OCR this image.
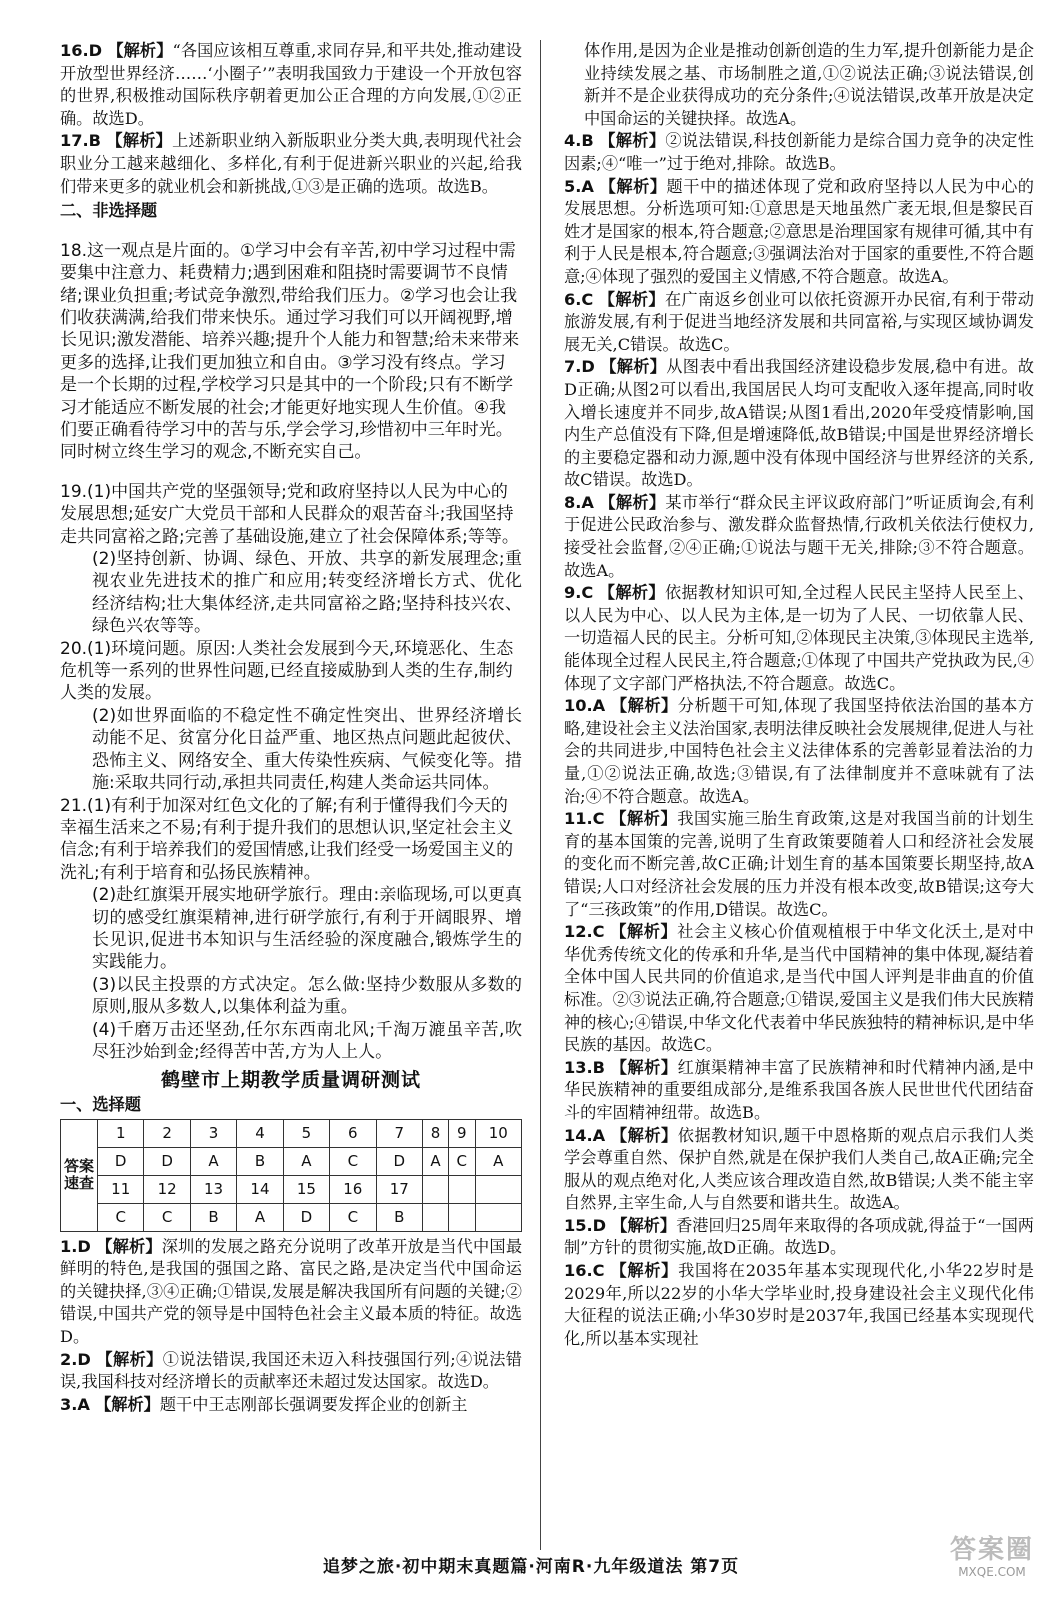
16.D 【解析】“各国应该相互尊重,求同存异,和平共处,推动建设开放型世界经济……‘小圈子’”表明我国致力于建设一个开放包容的世界,积极推动国际秩序朝着更加公正合理的方向发展,①②正确。故选D。

17.B 【解析】上述新职业纳入新版职业分类大典,表明现代社会职业分工越来越细化、多样化,有利于促进新兴职业的兴起,给我们带来更多的就业机会和新挑战,①③是正确的选项。故选B。

二、非选择题

18.这一观点是片面的。①学习中会有辛苦,初中学习过程中需要集中注意力、耗费精力;遇到困难和阻挠时需要调节不良情绪;课业负担重;考试竞争激烈,带给我们压力。②学习也会让我们收获满满,给我们带来快乐。通过学习我们可以开阔视野,增长见识;激发潜能、培养兴趣;提升个人能力和智慧;给未来带来更多的选择,让我们更加独立和自由。③学习没有终点。学习是一个长期的过程,学校学习只是其中的一个阶段;只有不断学习才能适应不断发展的社会;才能更好地实现人生价值。④我们要正确看待学习中的苦与乐,学会学习,珍惜初中三年时光。同时树立终生学习的观念,不断充实自己。

19.(1)中国共产党的坚强领导;党和政府坚持以人民为中心的发展思想;延安广大党员干部和人民群众的艰苦奋斗;我国坚持走共同富裕之路;完善了基础设施,建立了社会保障体系;等等。

(2)坚持创新、协调、绿色、开放、共享的新发展理念;重视农业先进技术的推广和应用;转变经济增长方式、优化经济结构;壮大集体经济,走共同富裕之路;坚持科技兴农、绿色兴农等等。

20.(1)环境问题。原因:人类社会发展到今天,环境恶化、生态危机等一系列的世界性问题,已经直接威胁到人类的生存,制约人类的发展。

(2)如世界面临的不稳定性不确定性突出、世界经济增长动能不足、贫富分化日益严重、地区热点问题此起彼伏、恐怖主义、网络安全、重大传染性疾病、气候变化等。措施:采取共同行动,承担共同责任,构建人类命运共同体。

21.(1)有利于加深对红色文化的了解;有利于懂得我们今天的幸福生活来之不易;有利于提升我们的思想认识,坚定社会主义信念;有利于培养我们的爱国情感,让我们经受一场爱国主义的洗礼;有利于培育和弘扬民族精神。

(2)赴红旗渠开展实地研学旅行。理由:亲临现场,可以更真切的感受红旗渠精神,进行研学旅行,有利于开阔眼界、增长见识,促进书本知识与生活经验的深度融合,锻炼学生的实践能力。

(3)以民主投票的方式决定。怎么做:坚持少数服从多数的原则,服从多数人,以集体利益为重。

(4)千磨万击还坚劲,任尔东西南北风;千淘万漉虽辛苦,吹尽狂沙始到金;经得苦中苦,方为人上人。

鹤壁市上期教学质量调研测试
一、选择题
答案速查	1	2	3	4	5	6	7	8	9	10
	D	D	A	B	A	C	D	A	C	A
	11	12	13	14	15	16	17			
	C	C	B	A	D	C	B			

1.D 【解析】深圳的发展之路充分说明了改革开放是当代中国最鲜明的特色,是我国的强国之路、富民之路,是决定当代中国命运的关键抉择,③④正确;①错误,发展是解决我国所有问题的关键;②错误,中国共产党的领导是中国特色社会主义最本质的特征。故选D。

2.D 【解析】①说法错误,我国还未迈入科技强国行列;④说法错误,我国科技对经济增长的贡献率还未超过发达国家。故选D。

3.A 【解析】题干中王志刚部长强调要发挥企业的创新主

体作用,是因为企业是推动创新创造的生力军,提升创新能力是企业持续发展之基、市场制胜之道,①②说法正确;③说法错误,创新并不是企业获得成功的充分条件;④说法错误,改革开放是决定中国命运的关键抉择。故选A。

4.B 【解析】②说法错误,科技创新能力是综合国力竞争的决定性因素;④“唯一”过于绝对,排除。故选B。

5.A 【解析】题干中的描述体现了党和政府坚持以人民为中心的发展思想。分析选项可知:①意思是天地虽然广袤无垠,但是黎民百姓才是国家的根本,符合题意;②意思是治理国家有规律可循,其中有利于人民是根本,符合题意;③强调法治对于国家的重要性,不符合题意;④体现了强烈的爱国主义情感,不符合题意。故选A。

6.C 【解析】在广南返乡创业可以依托资源开办民宿,有利于带动旅游发展,有利于促进当地经济发展和共同富裕,与实现区域协调发展无关,C错误。故选C。

7.D 【解析】从图表中看出我国经济建设稳步发展,稳中有进。故D正确;从图2可以看出,我国居民人均可支配收入逐年提高,同时收入增长速度并不同步,故A错误;从图1看出,2020年受疫情影响,国内生产总值没有下降,但是增速降低,故B错误;中国是世界经济增长的主要稳定器和动力源,题中没有体现中国经济与世界经济的关系,故C错误。故选D。

8.A 【解析】某市举行“群众民主评议政府部门”听证质询会,有利于促进公民政治参与、激发群众监督热情,行政机关依法行使权力,接受社会监督,②④正确;①说法与题干无关,排除;③不符合题意。故选A。

9.C 【解析】依据教材知识可知,全过程人民民主坚持人民至上、以人民为中心、以人民为主体,是一切为了人民、一切依靠人民、一切造福人民的民主。分析可知,②体现民主决策,③体现民主选举,能体现全过程人民民主,符合题意;①体现了中国共产党执政为民,④体现了文字部门严格执法,不符合题意。故选C。

10.A 【解析】分析题干可知,体现了我国坚持依法治国的基本方略,建设社会主义法治国家,表明法律反映社会发展规律,促进人与社会的共同进步,中国特色社会主义法律体系的完善彰显着法治的力量,①②说法正确,故选;③错误,有了法律制度并不意味就有了法治;④不符合题意。故选A。

11.C 【解析】我国实施三胎生育政策,这是对我国当前的计划生育的基本国策的完善,说明了生育政策要随着人口和经济社会发展的变化而不断完善,故C正确;计划生育的基本国策要长期坚持,故A错误;人口对经济社会发展的压力并没有根本改变,故B错误;这夸大了“三孩政策”的作用,D错误。故选C。

12.C 【解析】社会主义核心价值观植根于中华文化沃土,是对中华优秀传统文化的传承和升华,是当代中国精神的集中体现,凝结着全体中国人民共同的价值追求,是当代中国人评判是非曲直的价值标准。②③说法正确,符合题意;①错误,爱国主义是我们伟大民族精神的核心;④错误,中华文化代表着中华民族独特的精神标识,是中华民族的基因。故选C。

13.B 【解析】红旗渠精神丰富了民族精神和时代精神内涵,是中华民族精神的重要组成部分,是维系我国各族人民世世代代团结奋斗的牢固精神纽带。故选B。

14.A 【解析】依据教材知识,题干中恩格斯的观点启示我们人类学会尊重自然、保护自然,就是在保护我们人类自己,故A正确;完全服从的观点绝对化,人类应该合理改造自然,故B错误;人类不能主宰自然界,主宰生命,人与自然要和谐共生。故选A。

15.D 【解析】香港回归25周年来取得的各项成就,得益于“一国两制”方针的贯彻实施,故D正确。故选D。

16.C 【解析】我国将在2035年基本实现现代化,小华22岁时是2029年,所以22岁的小华大学毕业时,投身建设社会主义现代化伟大征程的说法正确;小华30岁时是2037年,我国已经基本实现现代化,所以基本实现社

追梦之旅·初中期末真题篇·河南R·九年级道法 第7页
答案圈
MXQE.COM
